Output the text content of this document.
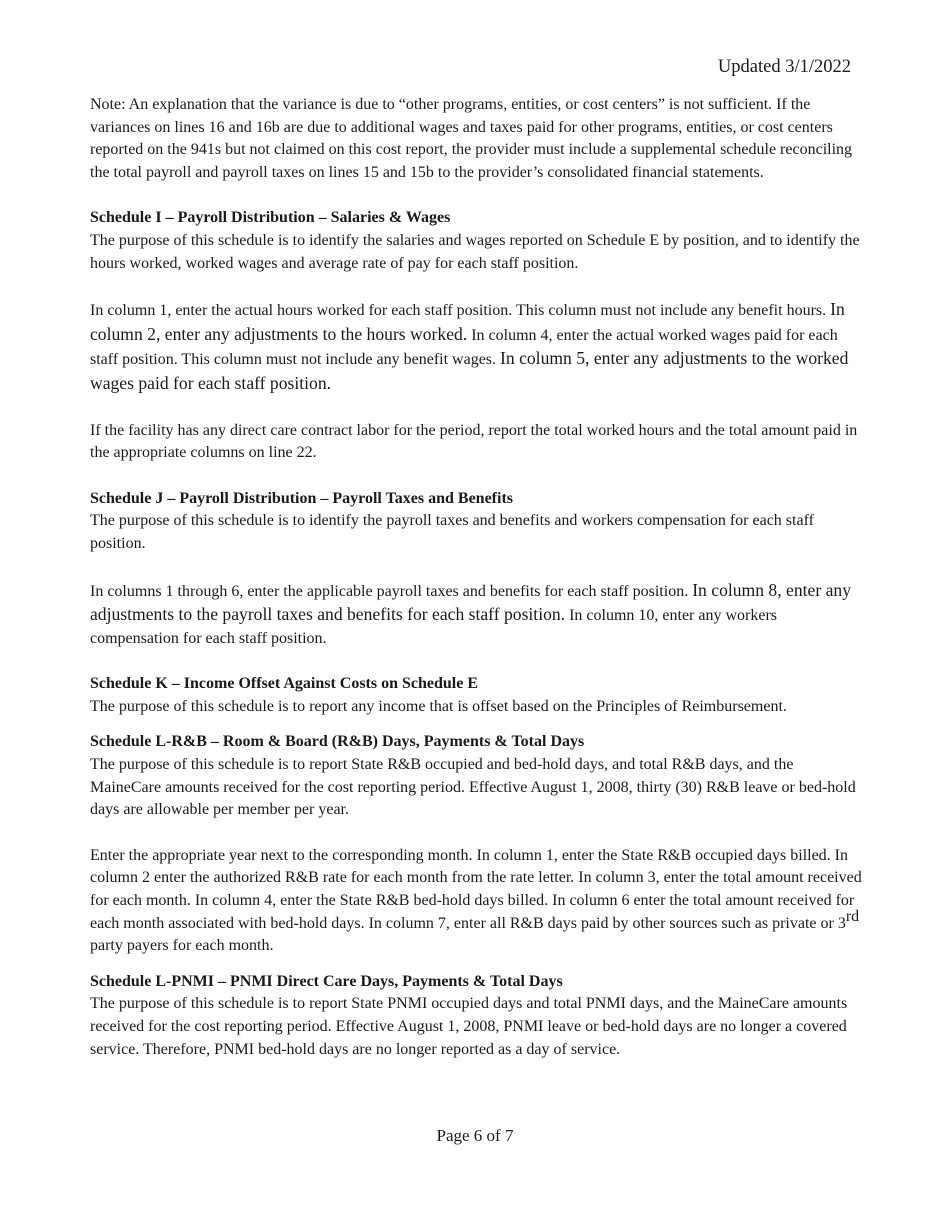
Updated 3/1/2022

Note: An explanation that the variance is due to “other programs, entities, or cost centers” is not sufficient. If the variances on lines 16 and 16b are due to additional wages and taxes paid for other programs, entities, or cost centers reported on the 941s but not claimed on this cost report, the provider must include a supplemental schedule reconciling the total payroll and payroll taxes on lines 15 and 15b to the provider’s consolidated financial statements.

Schedule I – Payroll Distribution – Salaries & Wages

The purpose of this schedule is to identify the salaries and wages reported on Schedule E by position, and to identify the hours worked, worked wages and average rate of pay for each staff position.

In column 1, enter the actual hours worked for each staff position. This column must not include any benefit hours. In column 2, enter any adjustments to the hours worked. In column 4, enter the actual worked wages paid for each staff position. This column must not include any benefit wages. In column 5, enter any adjustments to the worked wages paid for each staff position.

If the facility has any direct care contract labor for the period, report the total worked hours and the total amount paid in the appropriate columns on line 22.

Schedule J – Payroll Distribution – Payroll Taxes and Benefits

The purpose of this schedule is to identify the payroll taxes and benefits and workers compensation for each staff position.

In columns 1 through 6, enter the applicable payroll taxes and benefits for each staff position. In column 8, enter any adjustments to the payroll taxes and benefits for each staff position. In column 10, enter any workers compensation for each staff position.

Schedule K – Income Offset Against Costs on Schedule E

The purpose of this schedule is to report any income that is offset based on the Principles of Reimbursement.

Schedule L-R&B – Room & Board (R&B) Days, Payments & Total Days

The purpose of this schedule is to report State R&B occupied and bed-hold days, and total R&B days, and the MaineCare amounts received for the cost reporting period. Effective August 1, 2008, thirty (30) R&B leave or bed-hold days are allowable per member per year.

Enter the appropriate year next to the corresponding month. In column 1, enter the State R&B occupied days billed. In column 2 enter the authorized R&B rate for each month from the rate letter. In column 3, enter the total amount received for each month. In column 4, enter the State R&B bed-hold days billed. In column 6 enter the total amount received for each month associated with bed-hold days. In column 7, enter all R&B days paid by other sources such as private or 3rd party payers for each month.

Schedule L-PNMI – PNMI Direct Care Days, Payments & Total Days

The purpose of this schedule is to report State PNMI occupied days and total PNMI days, and the MaineCare amounts received for the cost reporting period. Effective August 1, 2008, PNMI leave or bed-hold days are no longer a covered service. Therefore, PNMI bed-hold days are no longer reported as a day of service.

Page 6 of 7
